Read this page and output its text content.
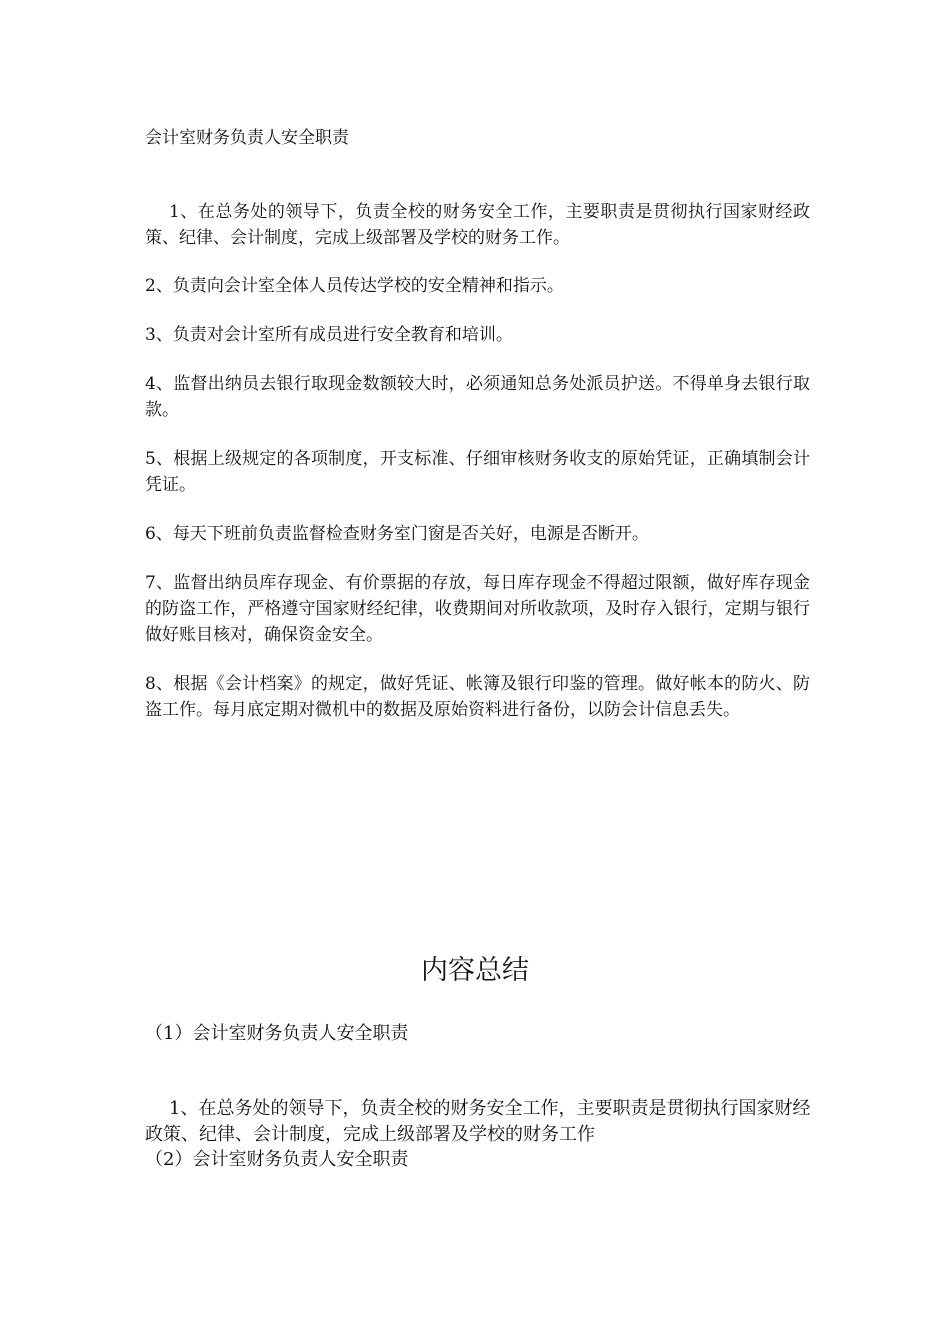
会计室财务负责人安全职责

1、在总务处的领导下，负责全校的财务安全工作，主要职责是贯彻执行国家财经政策、纪律、会计制度，完成上级部署及学校的财务工作。

2、负责向会计室全体人员传达学校的安全精神和指示。

3、负责对会计室所有成员进行安全教育和培训。

4、监督出纳员去银行取现金数额较大时，必须通知总务处派员护送。不得单身去银行取款。

5、根据上级规定的各项制度，开支标准、仔细审核财务收支的原始凭证，正确填制会计凭证。

6、每天下班前负责监督检查财务室门窗是否关好，电源是否断开。

7、监督出纳员库存现金、有价票据的存放，每日库存现金不得超过限额，做好库存现金的防盗工作，严格遵守国家财经纪律，收费期间对所收款项，及时存入银行，定期与银行做好账目核对，确保资金安全。

8、根据《会计档案》的规定，做好凭证、帐簿及银行印鉴的管理。做好帐本的防火、防盗工作。每月底定期对微机中的数据及原始资料进行备份，以防会计信息丢失。

内容总结

（1）会计室财务负责人安全职责

1、在总务处的领导下，负责全校的财务安全工作，主要职责是贯彻执行国家财经政策、纪律、会计制度，完成上级部署及学校的财务工作

（2）会计室财务负责人安全职责
